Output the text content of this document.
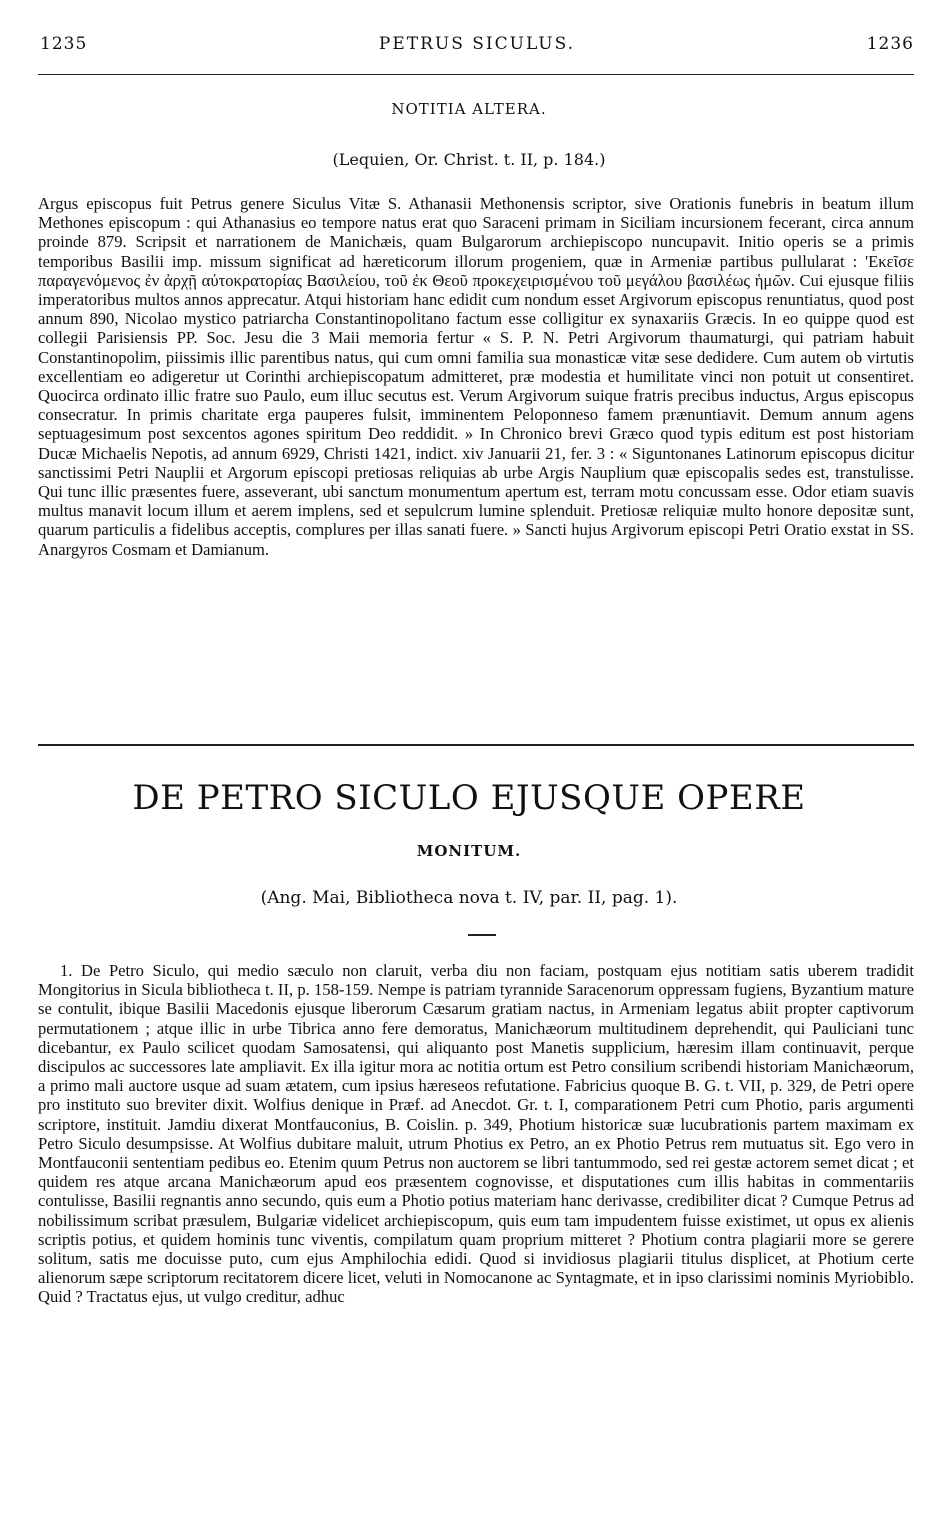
1235	PETRUS SICULUS.	1236
NOTITIA ALTERA.
(Lequien, Or. Christ. t. II, p. 184.)

Argus episcopus fuit Petrus genere Siculus Vitæ S. Athanasii Methonensis scriptor, sive Orationis funebris in beatum illum Methones episcopum : qui Athanasius eo tempore natus erat quo Saraceni primam in Siciliam incursionem fecerant, circa annum proinde 879. Scripsit et narrationem de Manichæis, quam Bulgarorum archiepiscopo nuncupavit. Initio operis se a primis temporibus Basilii imp. missum significat ad hæreticorum illorum progeniem, quæ in Armeniæ partibus pullularat : 'Εκεῖσε παραγενόμενος ἐν ἀρχῇ αὐτοκρατορίας Βασιλείου, τοῦ ἐκ Θεοῦ προκεχειρισμένου τοῦ μεγάλου βασιλέως ἡμῶν. Cui ejusque filiis imperatoribus multos annos apprecatur. Atqui historiam hanc edidit cum nondum esset Argivorum episcopus renuntiatus, quod post annum 890, Nicolao mystico patriarcha Constantinopolitano factum esse colligitur ex synaxariis Græcis. In eo quippe quod est collegii Parisiensis PP. Soc. Jesu die 3 Maii memoria fertur « S. P. N. Petri Argivorum thaumaturgi, qui patriam habuit Constantinopolim, piissimis illic parentibus natus, qui cum omni familia sua monasticæ vitæ sese dedidere. Cum autem ob virtutis excellentiam eo adigeretur ut Corinthi archiepiscopatum admitteret, præ modestia et humilitate vinci non potuit ut consentiret. Quocirca ordinato illic fratre suo Paulo, eum illuc secutus est. Verum Argivorum suique fratris precibus inductus, Argus episcopus consecratur. In primis charitate erga pauperes fulsit, imminentem Peloponneso famem prænuntiavit. Demum annum agens septuagesimum post sexcentos agones spiritum Deo reddidit. » In Chronico brevi Græco quod typis editum est post historiam Ducæ Michaelis Nepotis, ad annum 6929, Christi 1421, indict. xiv Januarii 21, fer. 3 : « Siguntonanes Latinorum episcopus dicitur sanctissimi Petri Nauplii et Argorum episcopi pretiosas reliquias ab urbe Argis Nauplium quæ episcopalis sedes est, transtulisse. Qui tunc illic præsentes fuere, asseverant, ubi sanctum monumentum apertum est, terram motu concussam esse. Odor etiam suavis multus manavit locum illum et aerem implens, sed et sepulcrum lumine splenduit. Pretiosæ reliquiæ multo honore depositæ sunt, quarum particulis a fidelibus acceptis, complures per illas sanati fuere. » Sancti hujus Argivorum episcopi Petri Oratio exstat in SS. Anargyros Cosmam et Damianum.

DE PETRO SICULO EJUSQUE OPERE
MONITUM.
(Ang. Mai, Bibliotheca nova t. IV, par. II, pag. 1).

1. De Petro Siculo, qui medio sæculo non claruit, verba diu non faciam, postquam ejus notitiam satis uberem tradidit Mongitorius in Sicula bibliotheca t. II, p. 158-159. Nempe is patriam tyrannide Saracenorum oppressam fugiens, Byzantium mature se contulit, ibique Basilii Macedonis ejusque liberorum Cæsarum gratiam nactus, in Armeniam legatus abiit propter captivorum permutationem ; atque illic in urbe Tibrica anno fere demoratus, Manichæorum multitudinem deprehendit, qui Pauliciani tunc dicebantur, ex Paulo scilicet quodam Samosatensi, qui aliquanto post Manetis supplicium, hæresim illam continuavit, perque discipulos ac successores late ampliavit. Ex illa igitur mora ac notitia ortum est Petro consilium scribendi historiam Manichæorum, a primo mali auctore usque ad suam ætatem, cum ipsius hæreseos refutatione. Fabricius quoque B. G. t. VII, p. 329, de Petri opere pro instituto suo breviter dixit. Wolfius denique in Præf. ad Anecdot. Gr. t. I, comparationem Petri cum Photio, paris argumenti scriptore, instituit. Jamdiu dixerat Montfauconius, B. Coislin. p. 349, Photium historicæ suæ lucubrationis partem maximam ex Petro Siculo desumpsisse. At Wolfius dubitare maluit, utrum Photius ex Petro, an ex Photio Petrus rem mutuatus sit. Ego vero in Montfauconii sententiam pedibus eo. Etenim quum Petrus non auctorem se libri tantummodo, sed rei gestæ actorem semet dicat ; et quidem res atque arcana Manichæorum apud eos præsentem cognovisse, et disputationes cum illis habitas in commentariis contulisse, Basilii regnantis anno secundo, quis eum a Photio potius materiam hanc derivasse, credibiliter dicat ? Cumque Petrus ad nobilissimum scribat præsulem, Bulgariæ videlicet archiepiscopum, quis eum tam impudentem fuisse existimet, ut opus ex alienis scriptis potius, et quidem hominis tunc viventis, compilatum quam proprium mitteret ? Photium contra plagiarii more se gerere solitum, satis me docuisse puto, cum ejus Amphilochia edidi. Quod si invidiosus plagiarii titulus displicet, at Photium certe alienorum sæpe scriptorum recitatorem dicere licet, veluti in Nomocanone ac Syntagmate, et in ipso clarissimi nominis Myriobiblo. Quid ? Tractatus ejus, ut vulgo creditur, adhuc
